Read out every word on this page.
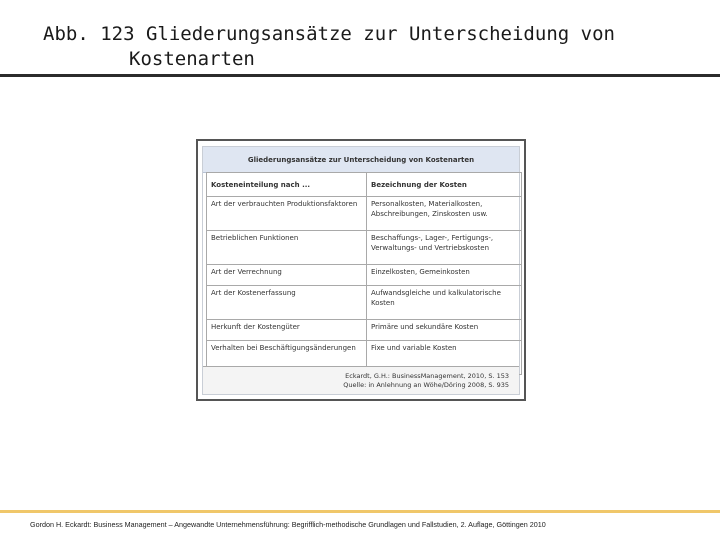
Abb. 123 Gliederungsansätze zur Unterscheidung von
Kostenarten
Gliederungsansätze zur Unterscheidung von Kostenarten
Kosteneinteilung nach ...	Bezeichnung der Kosten
Art der verbrauchten Produktionsfaktoren	Personalkosten, Materialkosten, Abschreibungen, Zinskosten usw.
Betrieblichen Funktionen	Beschaffungs-, Lager-, Fertigungs-, Verwaltungs- und Vertriebskosten
Art der Verrechnung	Einzelkosten, Gemeinkosten
Art der Kostenerfassung	Aufwandsgleiche und kalkulatorische Kosten
Herkunft der Kostengüter	Primäre und sekundäre Kosten
Verhalten bei Beschäftigungsänderungen	Fixe und variable Kosten
Eckardt, G.H.: BusinessManagement, 2010, S. 153
Quelle: in Anlehnung an Wöhe/Döring 2008, S. 935
Gordon H. Eckardt: Business Management – Angewandte Unternehmensführung: Begrifflich-methodische Grundlagen und Fallstudien, 2. Auflage, Göttingen 2010
